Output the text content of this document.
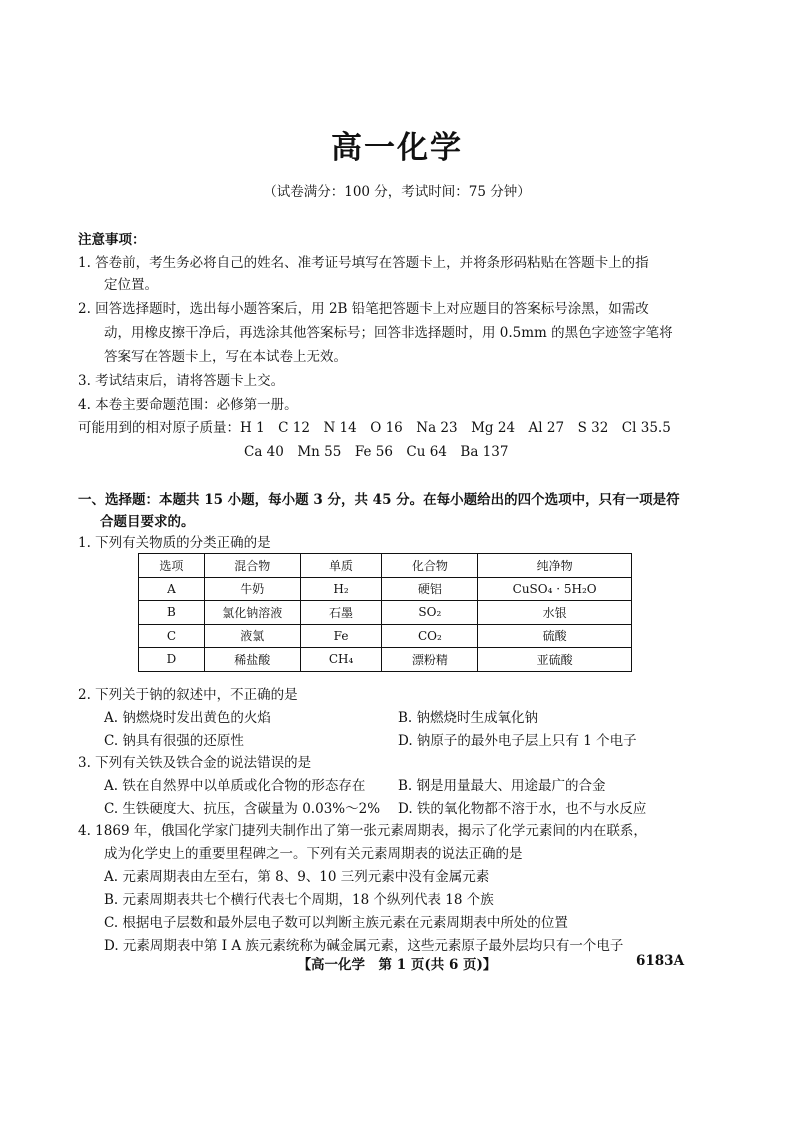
高一化学
（试卷满分：100 分，考试时间：75 分钟）
注意事项：
1. 答卷前，考生务必将自己的姓名、准考证号填写在答题卡上，并将条形码粘贴在答题卡上的指
定位置。
2. 回答选择题时，选出每小题答案后，用 2B 铅笔把答题卡上对应题目的答案标号涂黑，如需改
动，用橡皮擦干净后，再选涂其他答案标号；回答非选择题时，用 0.5mm 的黑色字迹签字笔将
答案写在答题卡上，写在本试卷上无效。
3. 考试结束后，请将答题卡上交。
4. 本卷主要命题范围：必修第一册。
可能用到的相对原子质量：H 1　C 12　N 14　O 16　Na 23　Mg 24　Al 27　S 32　Cl 35.5
Ca 40　Mn 55　Fe 56　Cu 64　Ba 137
一、选择题：本题共 15 小题，每小题 3 分，共 45 分。在每小题给出的四个选项中，只有一项是符
合题目要求的。
1. 下列有关物质的分类正确的是
选项	混合物	单质	化合物	纯净物
A	牛奶	H₂	硬铝	CuSO₄ · 5H₂O
B	氯化钠溶液	石墨	SO₂	水银
C	液氯	Fe	CO₂	硫酸
D	稀盐酸	CH₄	漂粉精	亚硫酸
2. 下列关于钠的叙述中，不正确的是
A. 钠燃烧时发出黄色的火焰	B. 钠燃烧时生成氧化钠
C. 钠具有很强的还原性	D. 钠原子的最外电子层上只有 1 个电子
3. 下列有关铁及铁合金的说法错误的是
A. 铁在自然界中以单质或化合物的形态存在 B. 钢是用量最大、用途最广的合金
C. 生铁硬度大、抗压，含碳量为 0.03%～2% D. 铁的氧化物都不溶于水，也不与水反应
4. 1869 年，俄国化学家门捷列夫制作出了第一张元素周期表，揭示了化学元素间的内在联系，
成为化学史上的重要里程碑之一。下列有关元素周期表的说法正确的是
A. 元素周期表由左至右，第 8、9、10 三列元素中没有金属元素
B. 元素周期表共七个横行代表七个周期，18 个纵列代表 18 个族
C. 根据电子层数和最外层电子数可以判断主族元素在元素周期表中所处的位置
D. 元素周期表中第 Ⅰ A 族元素统称为碱金属元素，这些元素原子最外层均只有一个电子
【高一化学　第 1 页(共 6 页)】	6183A
